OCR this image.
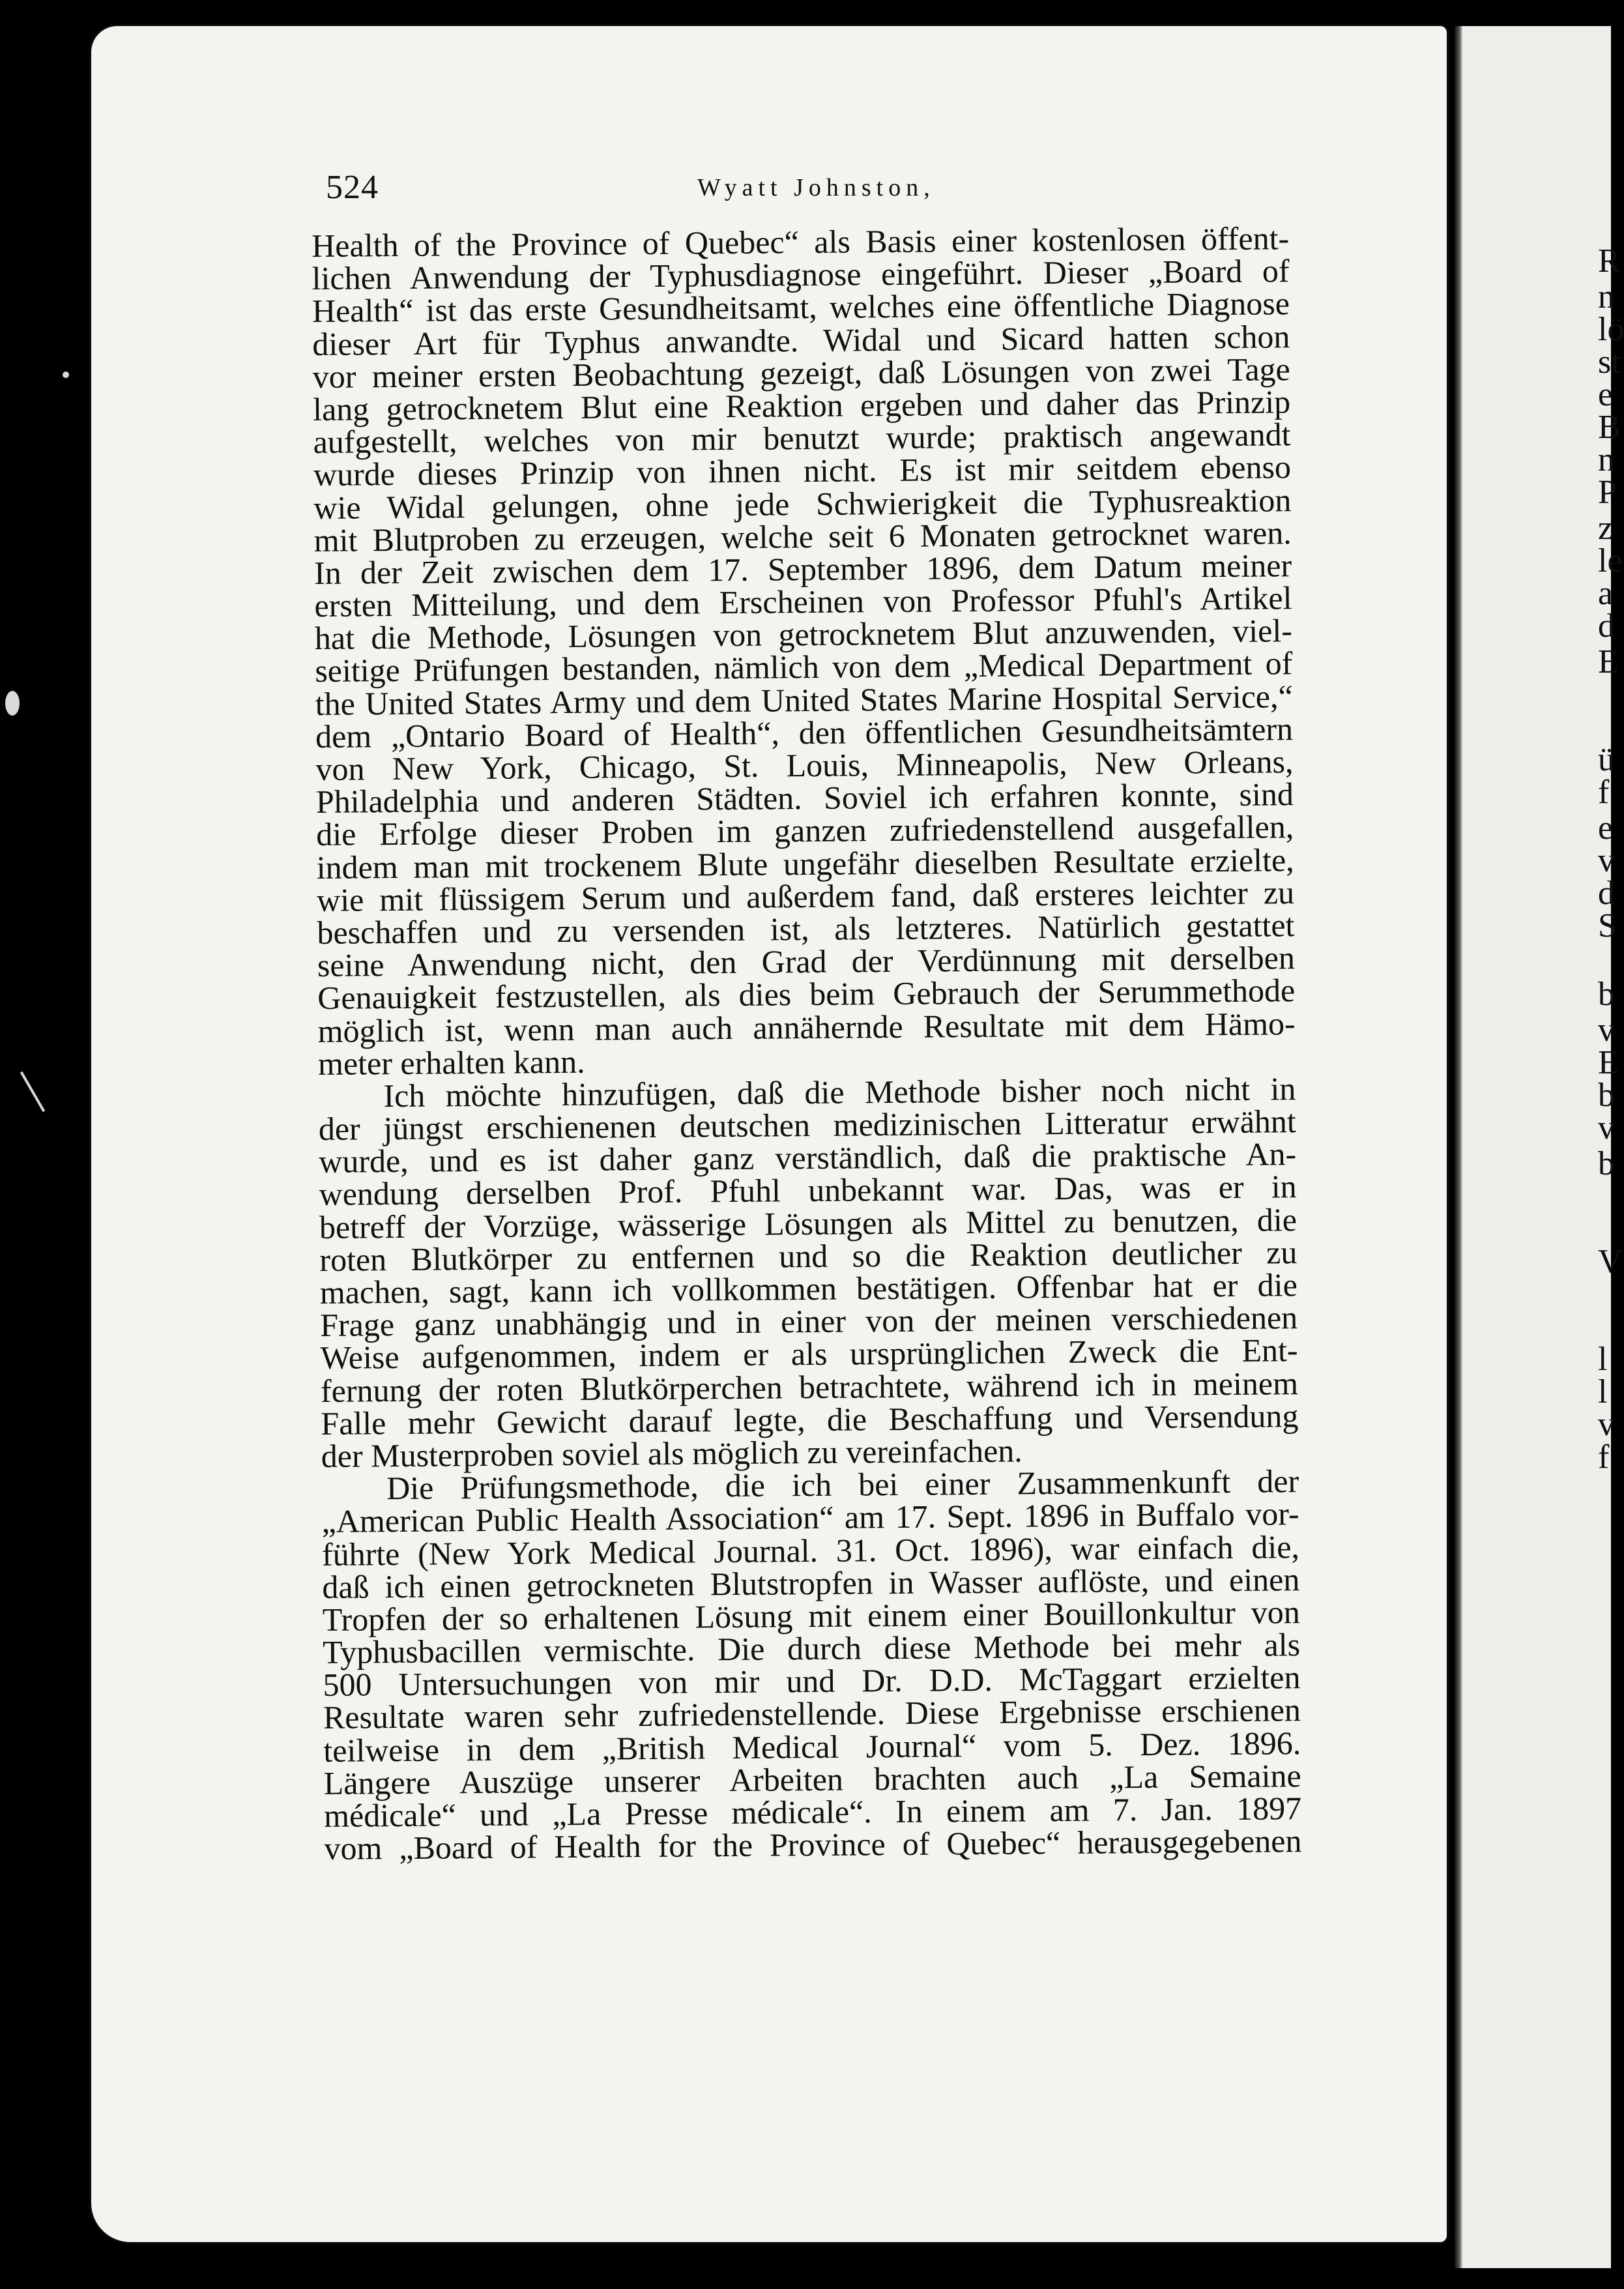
R
n
lö
st
e
B
n
P
z
le
a
d
E
ü
f
e
v
d
S
b
v
E
b
v
b
V
l
l
v
f
524	Wyatt Johnston,
Health of the Province of Quebec“ als Basis einer kostenlosen öffent-
lichen Anwendung der Typhusdiagnose eingeführt. Dieser „Board of
Health“ ist das erste Gesundheitsamt, welches eine öffentliche Diagnose
dieser Art für Typhus anwandte. Widal und Sicard hatten schon
vor meiner ersten Beobachtung gezeigt, daß Lösungen von zwei Tage
lang getrocknetem Blut eine Reaktion ergeben und daher das Prinzip
aufgestellt, welches von mir benutzt wurde; praktisch angewandt
wurde dieses Prinzip von ihnen nicht. Es ist mir seitdem ebenso
wie Widal gelungen, ohne jede Schwierigkeit die Typhusreaktion
mit Blutproben zu erzeugen, welche seit 6 Monaten getrocknet waren.
In der Zeit zwischen dem 17. September 1896, dem Datum meiner
ersten Mitteilung, und dem Erscheinen von Professor Pfuhl's Artikel
hat die Methode, Lösungen von getrocknetem Blut anzuwenden, viel-
seitige Prüfungen bestanden, nämlich von dem „Medical Department of
the United States Army und dem United States Marine Hospital Service,“
dem „Ontario Board of Health“, den öffentlichen Gesundheitsämtern
von New York, Chicago, St. Louis, Minneapolis, New Orleans,
Philadelphia und anderen Städten. Soviel ich erfahren konnte, sind
die Erfolge dieser Proben im ganzen zufriedenstellend ausgefallen,
indem man mit trockenem Blute ungefähr dieselben Resultate erzielte,
wie mit flüssigem Serum und außerdem fand, daß ersteres leichter zu
beschaffen und zu versenden ist, als letzteres. Natürlich gestattet
seine Anwendung nicht, den Grad der Verdünnung mit derselben
Genauigkeit festzustellen, als dies beim Gebrauch der Serummethode
möglich ist, wenn man auch annähernde Resultate mit dem Hämo-
meter erhalten kann.
Ich möchte hinzufügen, daß die Methode bisher noch nicht in
der jüngst erschienenen deutschen medizinischen Litteratur erwähnt
wurde, und es ist daher ganz verständlich, daß die praktische An-
wendung derselben Prof. Pfuhl unbekannt war. Das, was er in
betreff der Vorzüge, wässerige Lösungen als Mittel zu benutzen, die
roten Blutkörper zu entfernen und so die Reaktion deutlicher zu
machen, sagt, kann ich vollkommen bestätigen. Offenbar hat er die
Frage ganz unabhängig und in einer von der meinen verschiedenen
Weise aufgenommen, indem er als ursprünglichen Zweck die Ent-
fernung der roten Blutkörperchen betrachtete, während ich in meinem
Falle mehr Gewicht darauf legte, die Beschaffung und Versendung
der Musterproben soviel als möglich zu vereinfachen.
Die Prüfungsmethode, die ich bei einer Zusammenkunft der
„American Public Health Association“ am 17. Sept. 1896 in Buffalo vor-
führte (New York Medical Journal. 31. Oct. 1896), war einfach die,
daß ich einen getrockneten Blutstropfen in Wasser auflöste, und einen
Tropfen der so erhaltenen Lösung mit einem einer Bouillonkultur von
Typhusbacillen vermischte. Die durch diese Methode bei mehr als
500 Untersuchungen von mir und Dr. D.D. McTaggart erzielten
Resultate waren sehr zufriedenstellende. Diese Ergebnisse erschienen
teilweise in dem „British Medical Journal“ vom 5. Dez. 1896.
Längere Auszüge unserer Arbeiten brachten auch „La Semaine
médicale“ und „La Presse médicale“. In einem am 7. Jan. 1897
vom „Board of Health for the Province of Quebec“ herausgegebenen
